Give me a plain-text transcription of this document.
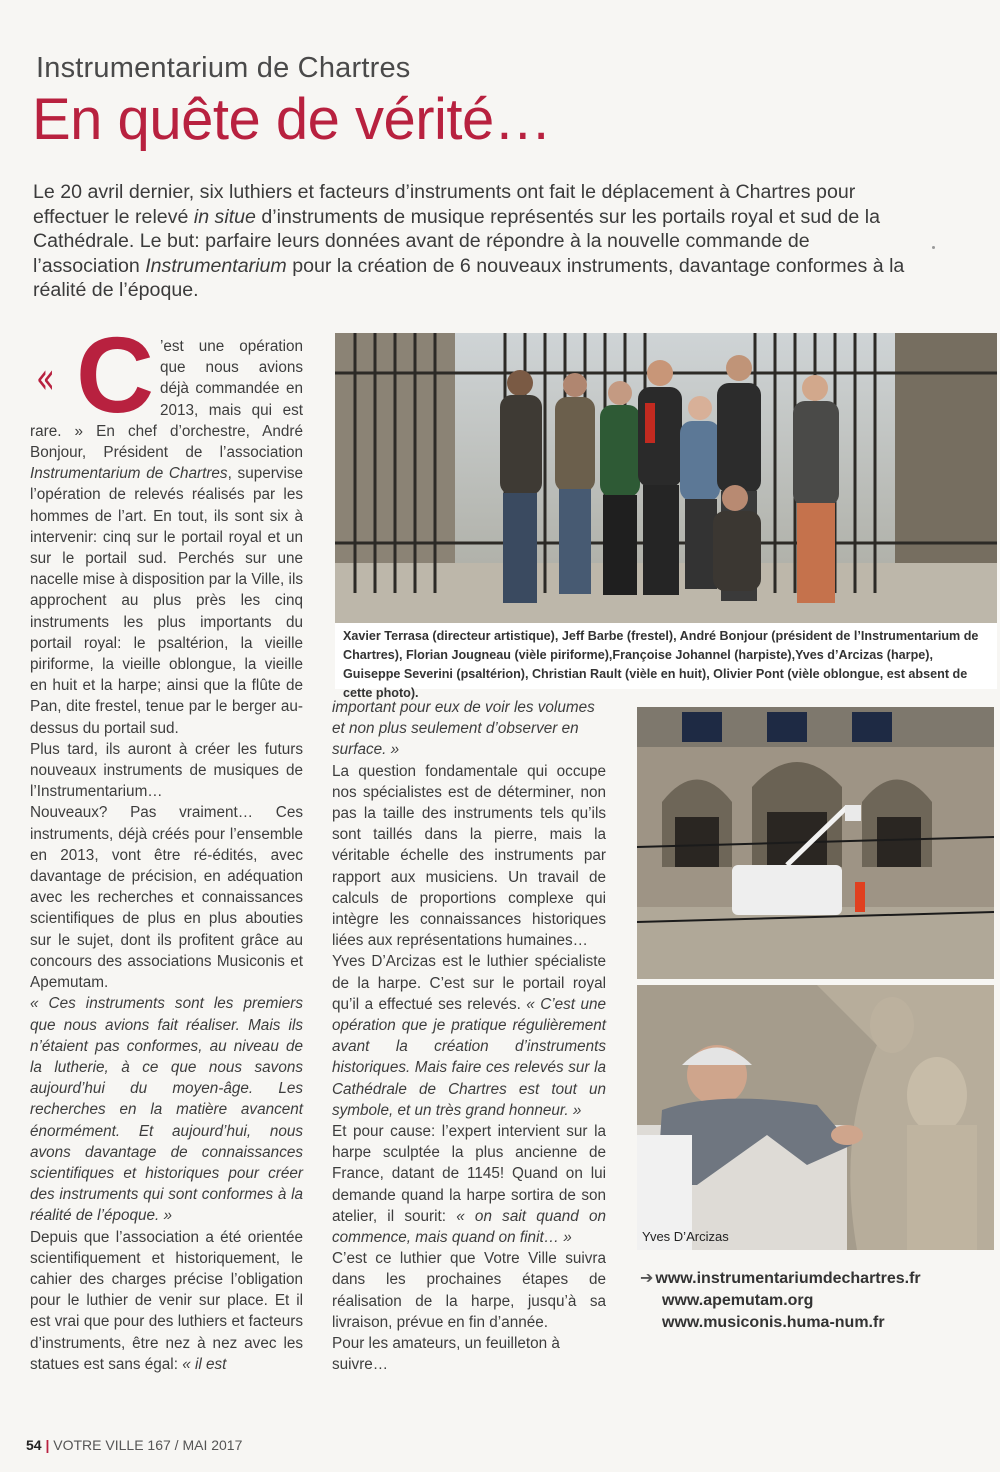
Instrumentarium de Chartres
En quête de vérité…

Le 20 avril dernier, six luthiers et facteurs d’instruments ont fait le déplacement à Chartres pour effectuer le relevé in situe d’instruments de musique représentés sur les portails royal et sud de la Cathédrale. Le but: parfaire leurs données avant de répondre à la nouvelle commande de l’association Instrumentarium pour la création de 6 nouveaux instruments, davantage conformes à la réalité de l’époque.

« C ’est une opération que nous avions déjà commandée en 2013, mais qui est rare. » En chef d’orchestre, André Bonjour, Président de l’association Instrumentarium de Chartres, supervise l’opération de relevés réalisés par les hommes de l’art. En tout, ils sont six à intervenir: cinq sur le portail royal et un sur le portail sud. Perchés sur une nacelle mise à disposition par la Ville, ils approchent au plus près les cinq instruments les plus importants du portail royal: le psaltérion, la vieille piriforme, la vieille oblongue, la vieille en huit et la harpe; ainsi que la flûte de Pan, dite frestel, tenue par le berger au-dessus du portail sud.

Plus tard, ils auront à créer les futurs nouveaux instruments de musiques de l’Instrumentarium…

Nouveaux? Pas vraiment… Ces instruments, déjà créés pour l’ensemble en 2013, vont être ré-édités, avec davantage de précision, en adéquation avec les recherches et connaissances scientifiques de plus en plus abouties sur le sujet, dont ils profitent grâce au concours des associations Musiconis et Apemutam.

« Ces instruments sont les premiers que nous avions fait réaliser. Mais ils n’étaient pas conformes, au niveau de la lutherie, à ce que nous savons aujourd’hui du moyen-âge. Les recherches en la matière avancent énormément. Et aujourd’hui, nous avons davantage de connaissances scientifiques et historiques pour créer des instruments qui sont conformes à la réalité de l’époque. »

Depuis que l’association a été orientée scientifiquement et historiquement, le cahier des charges précise l’obligation pour le luthier de venir sur place. Et il est vrai que pour des luthiers et facteurs d’instruments, être nez à nez avec les statues est sans égal: « il est

Xavier Terrasa (directeur artistique), Jeff Barbe (frestel), André Bonjour (président de l’Instrumentarium de Chartres), Florian Jougneau (vièle piriforme),Françoise Johannel (harpiste),Yves d’Arcizas (harpe), Guiseppe Severini (psaltérion), Christian Rault (vièle en huit), Olivier Pont (vièle oblongue, est absent de cette photo).

important pour eux de voir les volumes et non plus seulement d’observer en surface. »

La question fondamentale qui occupe nos spécialistes est de déterminer, non pas la taille des instruments tels qu’ils sont taillés dans la pierre, mais la véritable échelle des instruments par rapport aux musiciens. Un travail de calculs de proportions complexe qui intègre les connaissances historiques liées aux représentations humaines…

Yves D’Arcizas est le luthier spécialiste de la harpe. C’est sur le portail royal qu’il a effectué ses relevés. « C’est une opération que je pratique régulièrement avant la création d’instruments historiques. Mais faire ces relevés sur la Cathédrale de Chartres est tout un symbole, et un très grand honneur. »

Et pour cause: l’expert intervient sur la harpe sculptée la plus ancienne de France, datant de 1145! Quand on lui demande quand la harpe sortira de son atelier, il sourit: « on sait quand on commence, mais quand on finit… »

C’est ce luthier que Votre Ville suivra dans les prochaines étapes de réalisation de la harpe, jusqu’à sa livraison, prévue en fin d’année.

Pour les amateurs, un feuilleton à suivre…

Yves D’Arcizas
➔ www.instrumentariumdechartres.fr
www.apemutam.org
www.musiconis.huma-num.fr
54 | VOTRE VILLE 167 / MAI 2017
